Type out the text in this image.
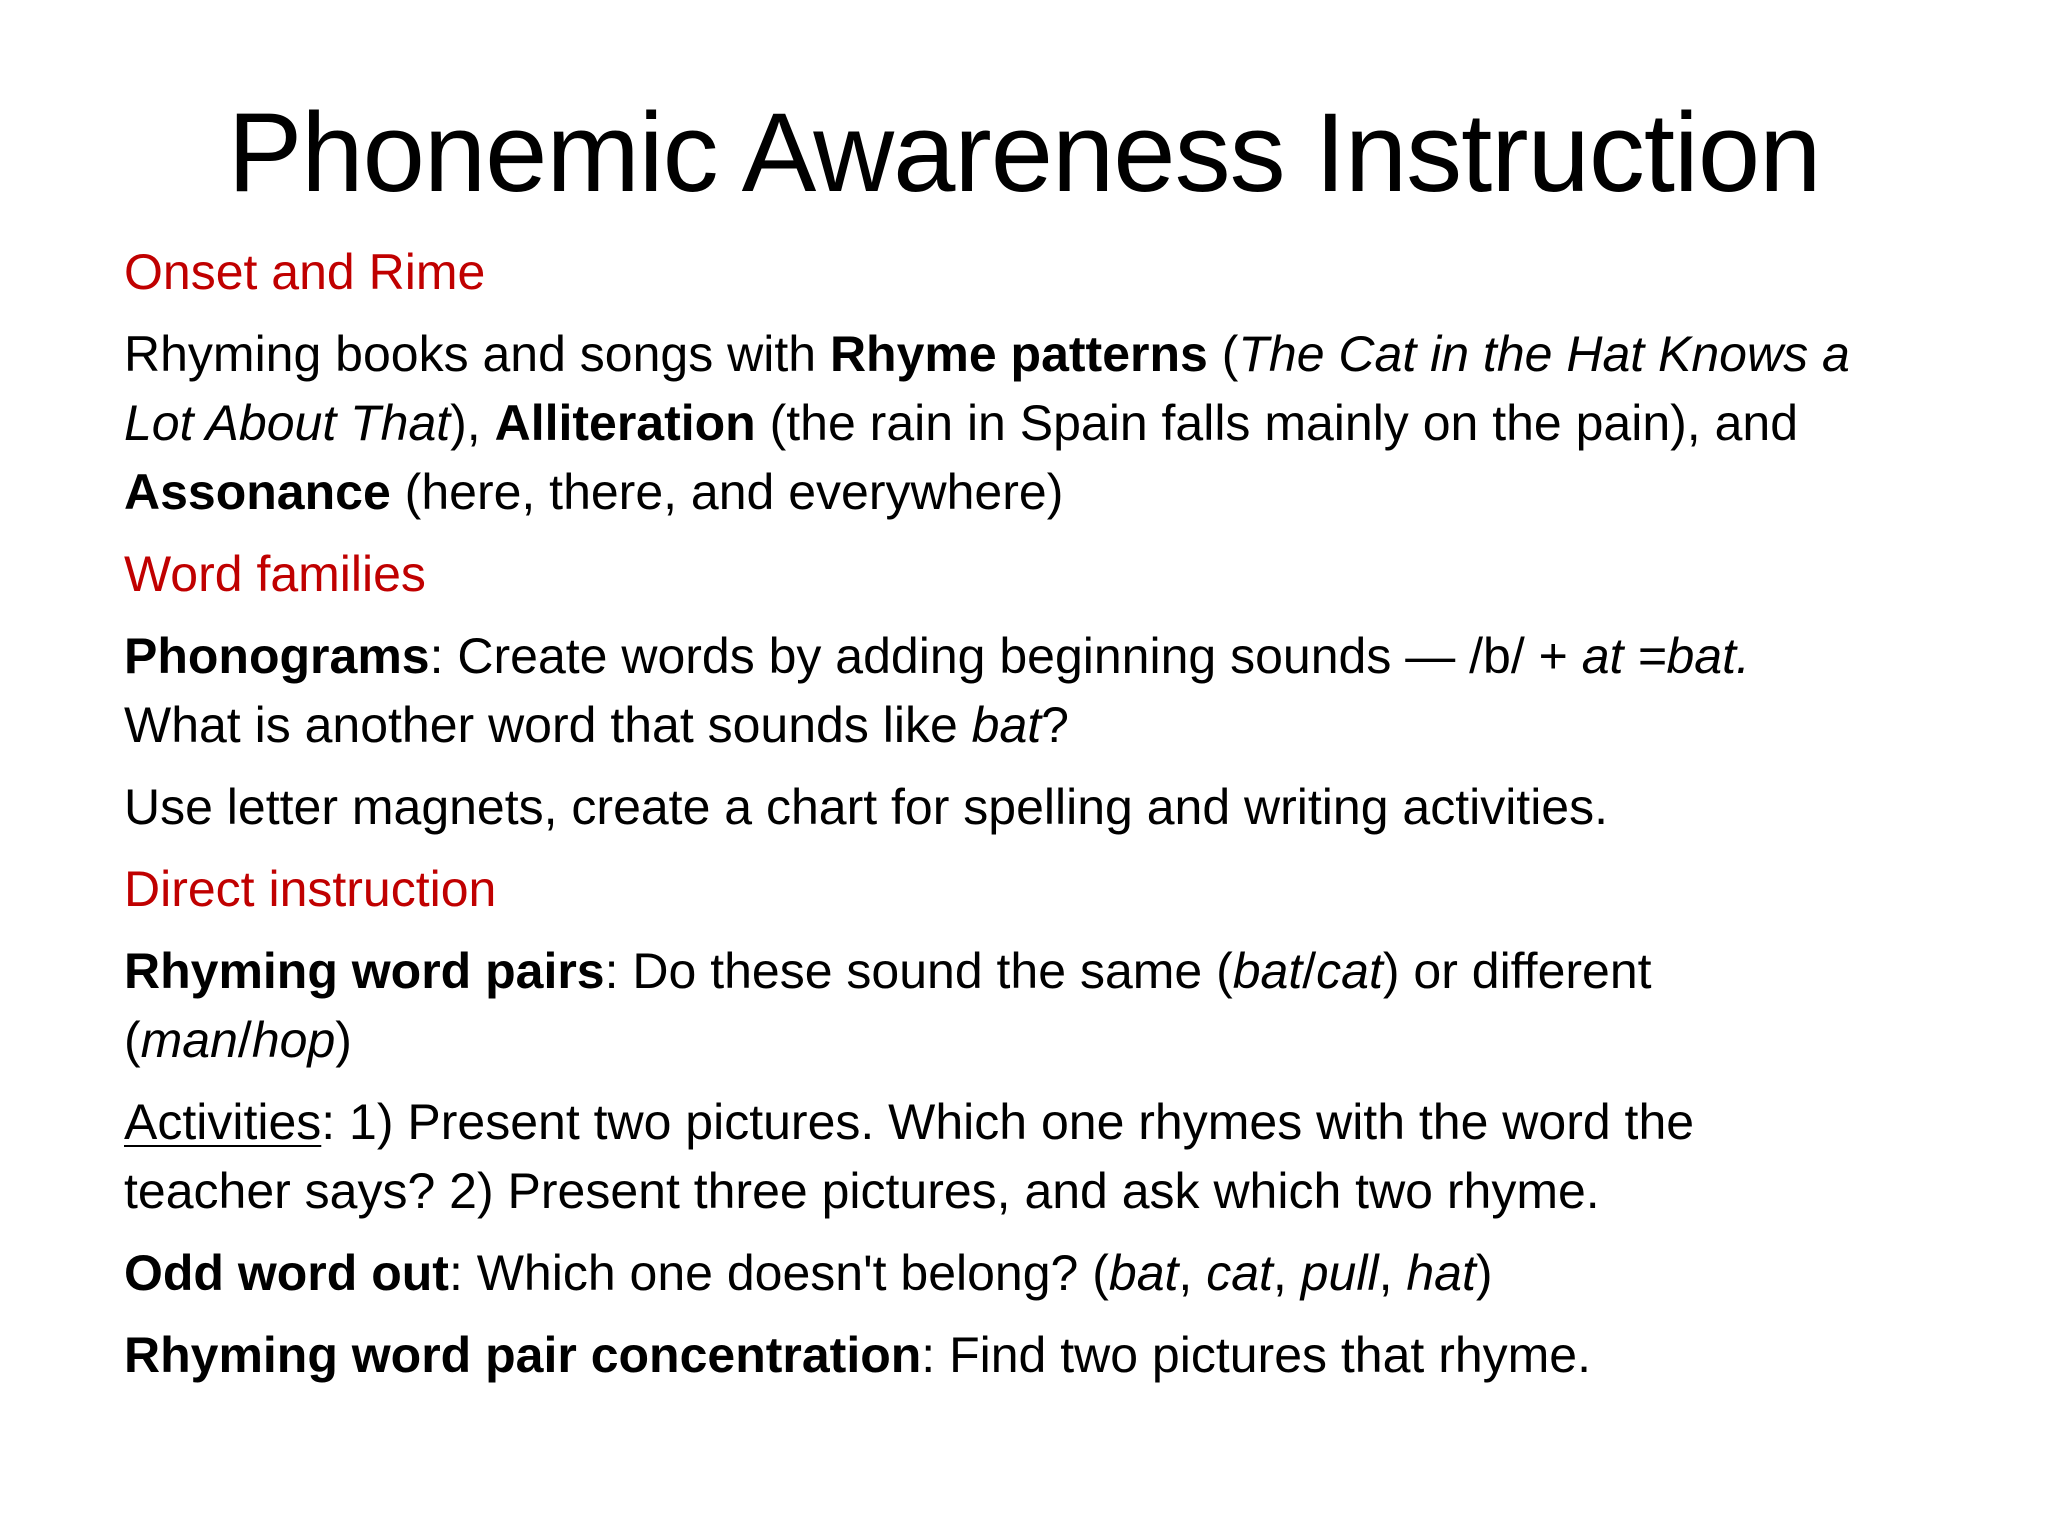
Phonemic Awareness Instruction
Onset and Rime
Rhyming books and songs with Rhyme patterns (The Cat in the Hat Knows a
Lot About That), Alliteration (the rain in Spain falls mainly on the pain), and
Assonance (here, there, and everywhere)
Word families
Phonograms: Create words by adding beginning sounds — /b/ + at =bat.
What is another word that sounds like bat?
Use letter magnets, create a chart for spelling and writing activities.
Direct instruction
Rhyming word pairs: Do these sound the same (bat/cat) or different
(man/hop)
Activities: 1) Present two pictures. Which one rhymes with the word the
teacher says? 2) Present three pictures, and ask which two rhyme.
Odd word out: Which one doesn't belong? (bat, cat, pull, hat)
Rhyming word pair concentration: Find two pictures that rhyme.
